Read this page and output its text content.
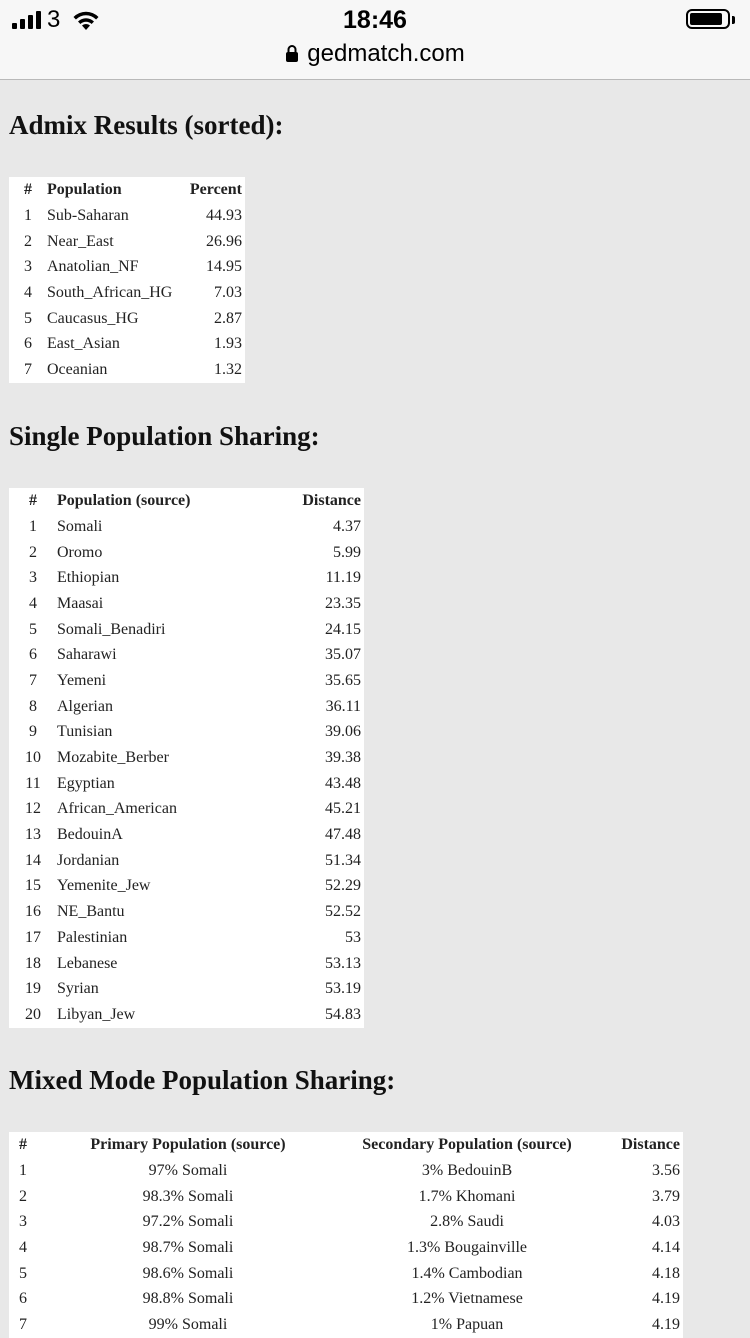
3	18:46
gedmatch.com
Admix Results (sorted):
#	Population	Percent
1	Sub-Saharan	44.93
2	Near_East	26.96
3	Anatolian_NF	14.95
4	South_African_HG	7.03
5	Caucasus_HG	2.87
6	East_Asian	1.93
7	Oceanian	1.32
Single Population Sharing:
#	Population (source)	Distance
1	Somali	4.37
2	Oromo	5.99
3	Ethiopian	11.19
4	Maasai	23.35
5	Somali_Benadiri	24.15
6	Saharawi	35.07
7	Yemeni	35.65
8	Algerian	36.11
9	Tunisian	39.06
10	Mozabite_Berber	39.38
11	Egyptian	43.48
12	African_American	45.21
13	BedouinA	47.48
14	Jordanian	51.34
15	Yemenite_Jew	52.29
16	NE_Bantu	52.52
17	Palestinian	53
18	Lebanese	53.13
19	Syrian	53.19
20	Libyan_Jew	54.83
Mixed Mode Population Sharing:
#	Primary Population (source)	Secondary Population (source)	Distance
1	97% Somali	3% BedouinB	3.56
2	98.3% Somali	1.7% Khomani	3.79
3	97.2% Somali	2.8% Saudi	4.03
4	98.7% Somali	1.3% Bougainville	4.14
5	98.6% Somali	1.4% Cambodian	4.18
6	98.8% Somali	1.2% Vietnamese	4.19
7	99% Somali	1% Papuan	4.19
